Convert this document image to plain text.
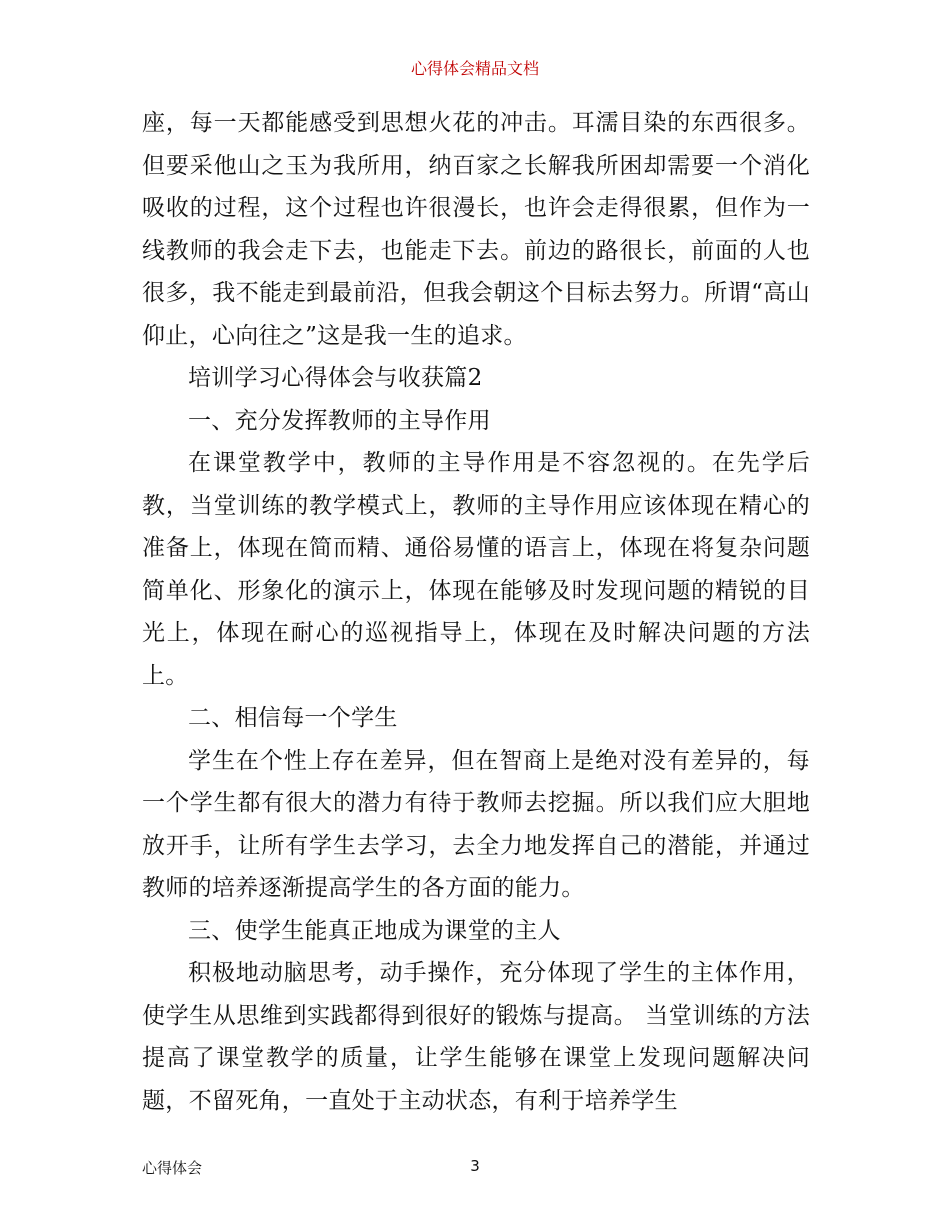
心得体会精品文档

座，每一天都能感受到思想火花的冲击。耳濡目染的东西很多。但要采他山之玉为我所用，纳百家之长解我所困却需要一个消化吸收的过程，这个过程也许很漫长，也许会走得很累，但作为一线教师的我会走下去，也能走下去。前边的路很长，前面的人也很多，我不能走到最前沿，但我会朝这个目标去努力。所谓“高山仰止，心向往之”这是我一生的追求。

培训学习心得体会与收获篇2

一、充分发挥教师的主导作用

在课堂教学中，教师的主导作用是不容忽视的。在先学后教，当堂训练的教学模式上，教师的主导作用应该体现在精心的准备上，体现在简而精、通俗易懂的语言上，体现在将复杂问题简单化、形象化的演示上，体现在能够及时发现问题的精锐的目光上，体现在耐心的巡视指导上，体现在及时解决问题的方法上。

二、相信每一个学生

学生在个性上存在差异，但在智商上是绝对没有差异的，每一个学生都有很大的潜力有待于教师去挖掘。所以我们应大胆地放开手，让所有学生去学习，去全力地发挥自己的潜能，并通过教师的培养逐渐提高学生的各方面的能力。

三、使学生能真正地成为课堂的主人

积极地动脑思考，动手操作，充分体现了学生的主体作用，使学生从思维到实践都得到很好的锻炼与提高。 当堂训练的方法提高了课堂教学的质量，让学生能够在课堂上发现问题解决问题，不留死角，一直处于主动状态，有利于培养学生

心得体会	3
